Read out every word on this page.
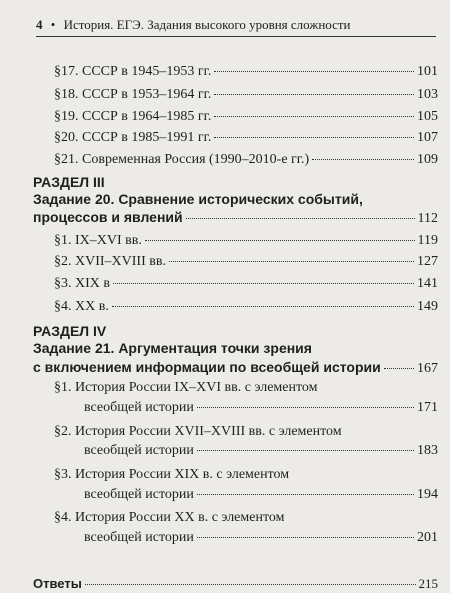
4 • История. ЕГЭ. Задания высокого уровня сложности
§17. СССР в 1945–1953 гг.	101
§18. СССР в 1953–1964 гг.	103
§19. СССР в 1964–1985 гг.	105
§20. СССР в 1985–1991 гг.	107
§21. Современная Россия (1990–2010-е гг.)	109
РАЗДЕЛ III
Задание 20. Сравнение исторических событий,
процессов и явлений	112
§1. IX–XVI вв.	119
§2. XVII–XVIII вв.	127
§3. XIX в	141
§4. XX в.	149
РАЗДЕЛ IV
Задание 21. Аргументация точки зрения
с включением информации по всеобщей истории	167
§1. История России IX–XVI вв. с элементом
всеобщей истории	171
§2. История России XVII–XVIII вв. с элементом
всеобщей истории	183
§3. История России XIX в. с элементом
всеобщей истории	194
§4. История России XX в. с элементом
всеобщей истории	201
Ответы	215
